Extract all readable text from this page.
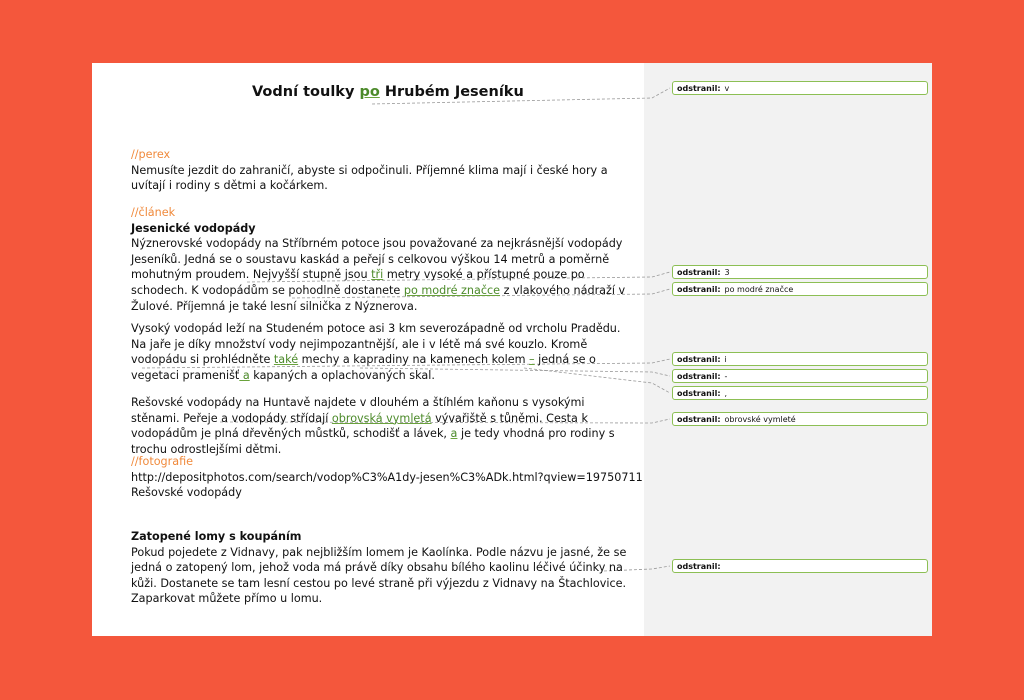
Vodní toulky po Hrubém Jeseníku

//perex

Nemusíte jezdit do zahraničí, abyste si odpočinuli. Příjemné klima mají i české hory a uvítají i rodiny s dětmi a kočárkem.

//článek

Jesenické vodopády

Nýznerovské vodopády na Stříbrném potoce jsou považované za nejkrásnější vodopády Jeseníků. Jedná se o soustavu kaskád a peřejí s celkovou výškou 14 metrů a poměrně mohutným proudem. Nejvyšší stupně jsou tři metry vysoké a přístupné pouze po schodech. K vodopádům se pohodlně dostanete po modré značce z vlakového nádraží v Žulové. Příjemná je také lesní silnička z Nýznerova.

Vysoký vodopád leží na Studeném potoce asi 3 km severozápadně od vrcholu Pradědu. Na jaře je díky množství vody nejimpozantnější, ale i v létě má své kouzlo. Kromě vodopádu si prohlédněte také mechy a kapradiny na kamenech kolem – jedná se o vegetaci pramenišť a kapaných a oplachovaných skal.

Rešovské vodopády na Huntavě najdete v dlouhém a štíhlém kaňonu s vysokými stěnami. Peřeje a vodopády střídají obrovská vymletá vývařiště s tůněmi. Cesta k vodopádům je plná dřevěných můstků, schodišť a lávek, a je tedy vhodná pro rodiny s trochu odrostlejšími dětmi.

//fotografie

http://depositphotos.com/search/vodop%C3%A1dy-jesen%C3%ADk.html?qview=19750711

Rešovské vodopády

Zatopené lomy s koupáním

Pokud pojedete z Vidnavy, pak nejbližším lomem je Kaolínka. Podle názvu je jasné, že se jedná o zatopený lom, jehož voda má právě díky obsahu bílého kaolinu léčivé účinky na kůži. Dostanete se tam lesní cestou po levé straně při výjezdu z Vidnavy na Štachlovice. Zaparkovat můžete přímo u lomu.

odstranil: v
odstranil: 3
odstranil: po modré značce
odstranil: i
odstranil: -
odstranil: ,
odstranil: obrovské vymleté
odstranil:
